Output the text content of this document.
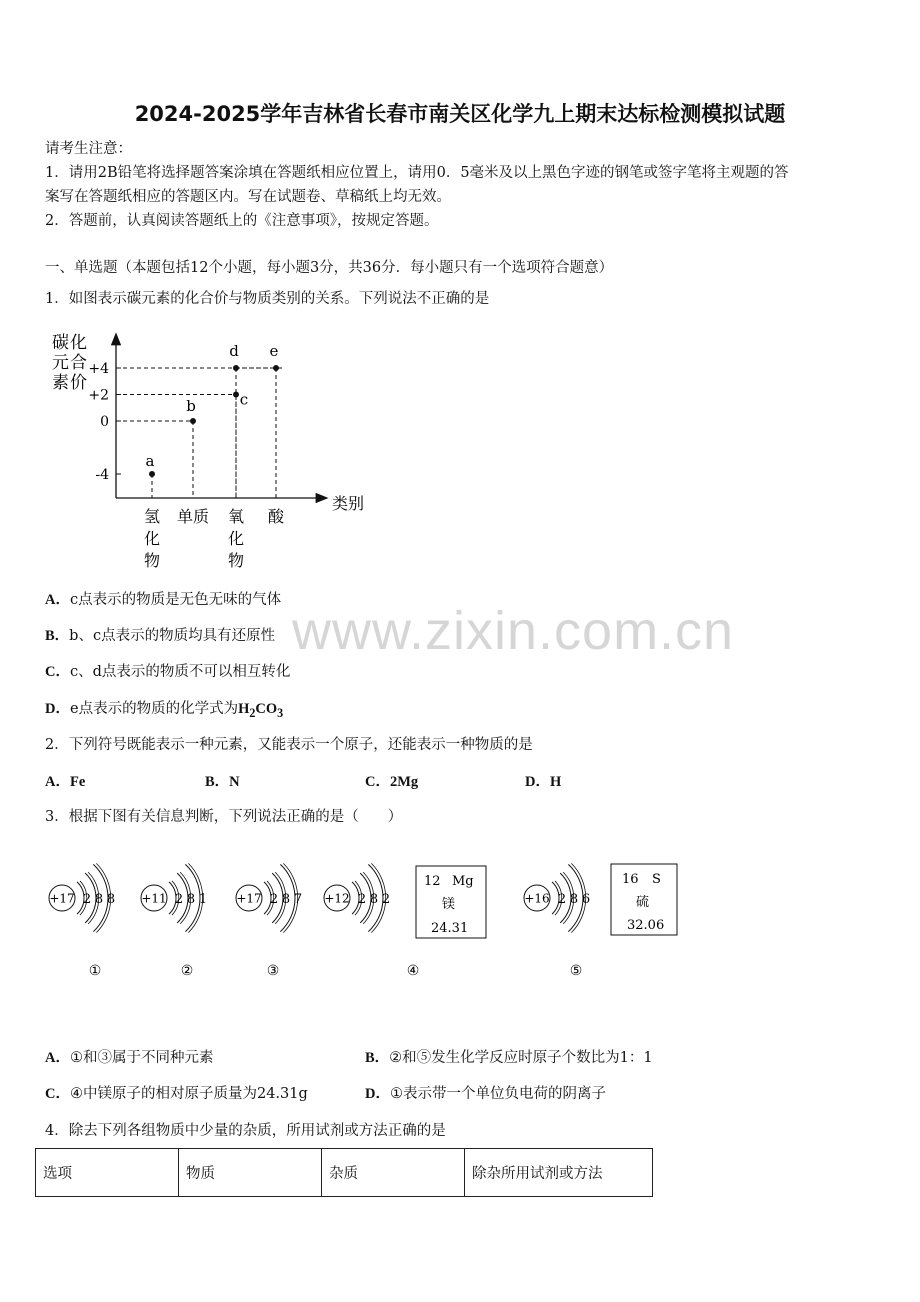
2024-2025学年吉林省长春市南关区化学九上期末达标检测模拟试题
请考生注意：
1．请用2B铅笔将选择题答案涂填在答题纸相应位置上，请用0．5毫米及以上黑色字迹的钢笔或签字笔将主观题的答
案写在答题纸相应的答题区内。写在试题卷、草稿纸上均无效。
2．答题前，认真阅读答题纸上的《注意事项》，按规定答题。
一、单选题（本题包括12个小题，每小题3分，共36分．每小题只有一个选项符合题意）
1．如图表示碳元素的化合价与物质类别的关系。下列说法不正确的是
碳化
元合
素价
类别
+4
+2
0
-4
氢
化
物
单质 氧
化
物
酸
a
b	c
d e
A．c点表示的物质是无色无味的气体
B．b、c点表示的物质均具有还原性
C．c、d点表示的物质不可以相互转化
D．e点表示的物质的化学式为$H_2CO_3$
www.zixin.com.cn
2．下列符号既能表示一种元素，又能表示一个原子，还能表示一种物质的是
A．Fe	B．N	C．2Mg	D．H
3．根据下图有关信息判断，下列说法正确的是（　　）
+17 2 8 8
①
+11 2 8 1
②
+17 2 8 7
③
+12 2 8 2
④
+16 2 8 6
⑤
12 Mg
镁
24.31
16 S
硫
32.06
A．①和③属于不同种元素	B．②和⑤发生化学反应时原子个数比为1：1
C．④中镁原子的相对原子质量为24.31g	D．①表示带一个单位负电荷的阴离子
4．除去下列各组物质中少量的杂质，所用试剂或方法正确的是
选项	物质	杂质	除杂所用试剂或方法
